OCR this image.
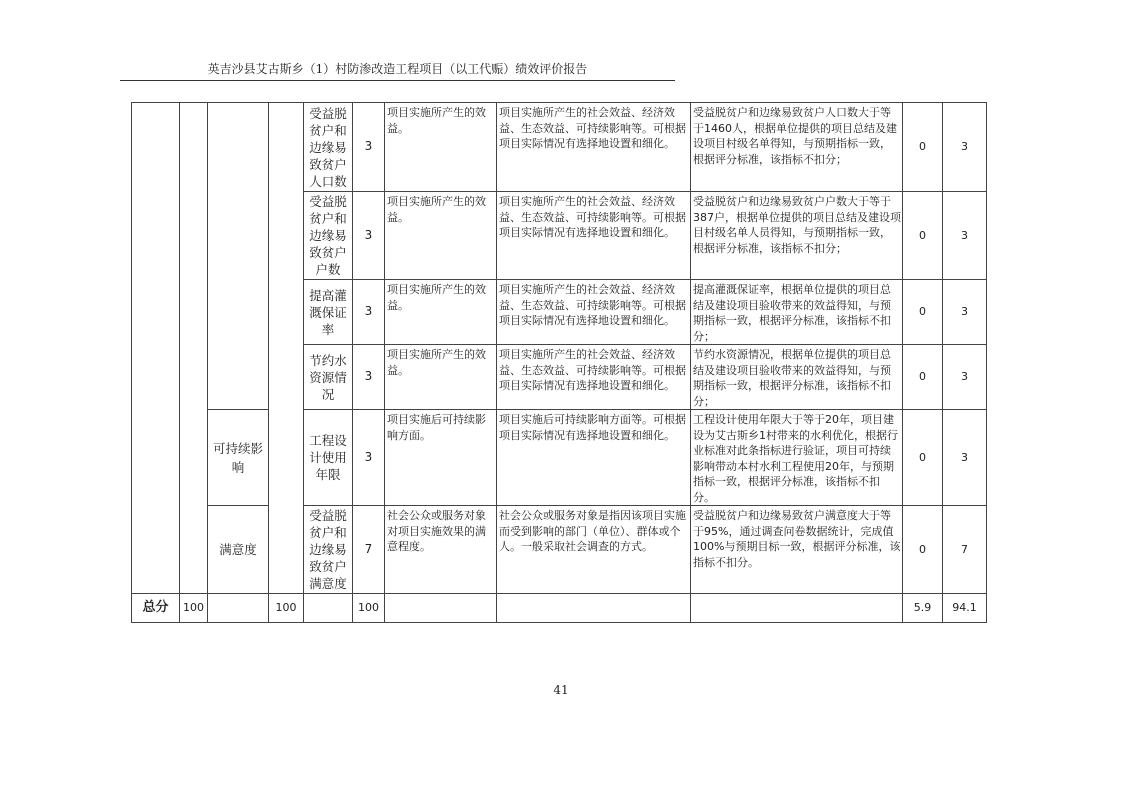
英吉沙县艾古斯乡（1）村防渗改造工程项目（以工代赈）绩效评价报告
				受益脱贫户和边缘易致贫户人口数	3	项目实施所产生的效益。	项目实施所产生的社会效益、经济效益、生态效益、可持续影响等。可根据项目实际情况有选择地设置和细化。	受益脱贫户和边缘易致贫户人口数大于等于1460人，根据单位提供的项目总结及建设项目村级名单得知，与预期指标一致，根据评分标准，该指标不扣分；	0	3
				受益脱贫户和边缘易致贫户户数	3	项目实施所产生的效益。	项目实施所产生的社会效益、经济效益、生态效益、可持续影响等。可根据项目实际情况有选择地设置和细化。	受益脱贫户和边缘易致贫户户数大于等于387户，根据单位提供的项目总结及建设项目村级名单人员得知，与预期指标一致，根据评分标准，该指标不扣分；	0	3
				提高灌溉保证率	3	项目实施所产生的效益。	项目实施所产生的社会效益、经济效益、生态效益、可持续影响等。可根据项目实际情况有选择地设置和细化。	提高灌溉保证率，根据单位提供的项目总结及建设项目验收带来的效益得知，与预期指标一致，根据评分标准，该指标不扣分；	0	3
				节约水资源情况	3	项目实施所产生的效益。	项目实施所产生的社会效益、经济效益、生态效益、可持续影响等。可根据项目实际情况有选择地设置和细化。	节约水资源情况，根据单位提供的项目总结及建设项目验收带来的效益得知，与预期指标一致，根据评分标准，该指标不扣分；	0	3
		可持续影响		工程设计使用年限	3	项目实施后可持续影响方面。	项目实施后可持续影响方面等。可根据项目实际情况有选择地设置和细化。	工程设计使用年限大于等于20年，项目建设为艾古斯乡1村带来的水利优化，根据行业标准对此条指标进行验证，项目可持续影响带动本村水利工程使用20年，与预期指标一致，根据评分标准，该指标不扣分。	0	3
		满意度		受益脱贫户和边缘易致贫户满意度	7	社会公众或服务对象对项目实施效果的满意程度。	社会公众或服务对象是指因该项目实施而受到影响的部门（单位）、群体或个人。一般采取社会调查的方式。	受益脱贫户和边缘易致贫户满意度大于等于95%，通过调查问卷数据统计，完成值100%与预期目标一致，根据评分标准，该指标不扣分。	0	7
总分	100		100		100				5.9	94.1
41
